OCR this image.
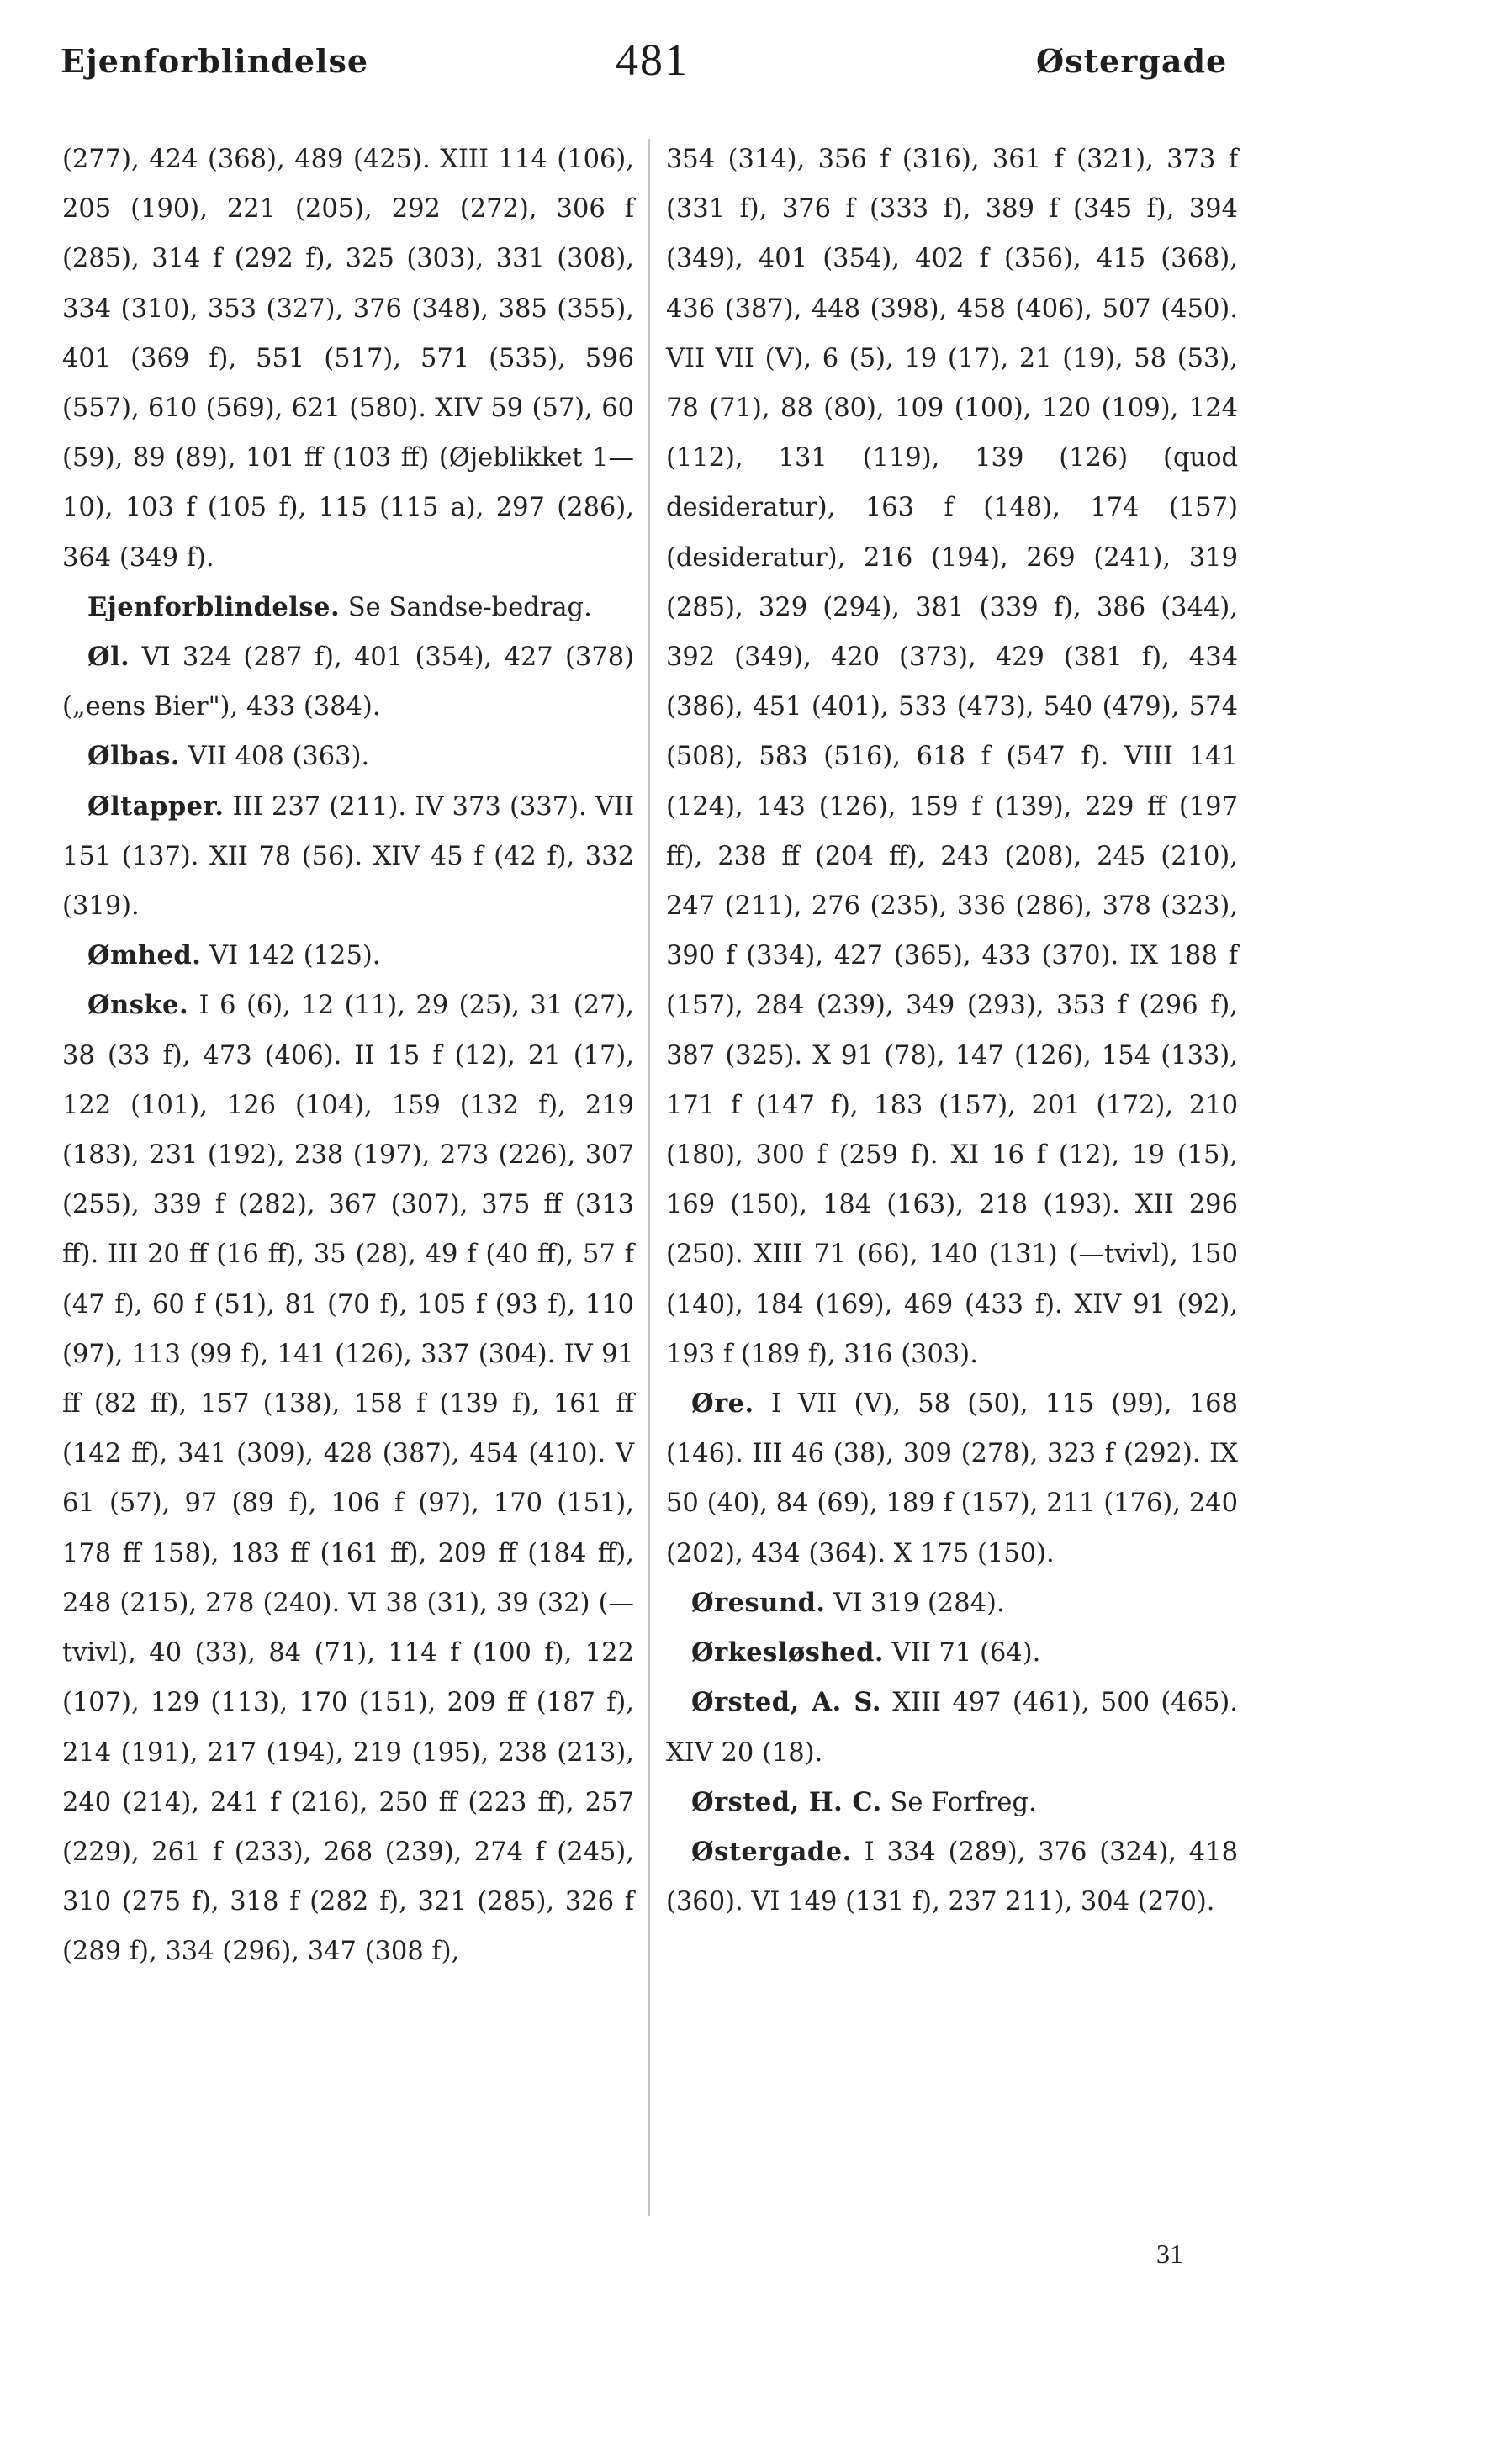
Ejenforblindelse	481	Østergade

(277), 424 (368), 489 (425). XIII 114 (106), 205 (190), 221 (205), 292 (272), 306 f (285), 314 f (292 f), 325 (303), 331 (308), 334 (310), 353 (327), 376 (348), 385 (355), 401 (369 f), 551 (517), 571 (535), 596 (557), 610 (569), 621 (580). XIV 59 (57), 60 (59), 89 (89), 101 ff (103 ff) (Øjeblikket 1—10), 103 f (105 f), 115 (115 a), 297 (286), 364 (349 f).

Ejenforblindelse. Se Sandse-bedrag.

Øl. VI 324 (287 f), 401 (354), 427 (378) („eens Bier"), 433 (384).

Ølbas. VII 408 (363).

Øltapper. III 237 (211). IV 373 (337). VII 151 (137). XII 78 (56). XIV 45 f (42 f), 332 (319).

Ømhed. VI 142 (125).

Ønske. I 6 (6), 12 (11), 29 (25), 31 (27), 38 (33 f), 473 (406). II 15 f (12), 21 (17), 122 (101), 126 (104), 159 (132 f), 219 (183), 231 (192), 238 (197), 273 (226), 307 (255), 339 f (282), 367 (307), 375 ff (313 ff). III 20 ff (16 ff), 35 (28), 49 f (40 ff), 57 f (47 f), 60 f (51), 81 (70 f), 105 f (93 f), 110 (97), 113 (99 f), 141 (126), 337 (304). IV 91 ff (82 ff), 157 (138), 158 f (139 f), 161 ff (142 ff), 341 (309), 428 (387), 454 (410). V 61 (57), 97 (89 f), 106 f (97), 170 (151), 178 ff 158), 183 ff (161 ff), 209 ff (184 ff), 248 (215), 278 (240). VI 38 (31), 39 (32) (—tvivl), 40 (33), 84 (71), 114 f (100 f), 122 (107), 129 (113), 170 (151), 209 ff (187 f), 214 (191), 217 (194), 219 (195), 238 (213), 240 (214), 241 f (216), 250 ff (223 ff), 257 (229), 261 f (233), 268 (239), 274 f (245), 310 (275 f), 318 f (282 f), 321 (285), 326 f (289 f), 334 (296), 347 (308 f),

354 (314), 356 f (316), 361 f (321), 373 f (331 f), 376 f (333 f), 389 f (345 f), 394 (349), 401 (354), 402 f (356), 415 (368), 436 (387), 448 (398), 458 (406), 507 (450). VII VII (V), 6 (5), 19 (17), 21 (19), 58 (53), 78 (71), 88 (80), 109 (100), 120 (109), 124 (112), 131 (119), 139 (126) (quod desideratur), 163 f (148), 174 (157) (desideratur), 216 (194), 269 (241), 319 (285), 329 (294), 381 (339 f), 386 (344), 392 (349), 420 (373), 429 (381 f), 434 (386), 451 (401), 533 (473), 540 (479), 574 (508), 583 (516), 618 f (547 f). VIII 141 (124), 143 (126), 159 f (139), 229 ff (197 ff), 238 ff (204 ff), 243 (208), 245 (210), 247 (211), 276 (235), 336 (286), 378 (323), 390 f (334), 427 (365), 433 (370). IX 188 f (157), 284 (239), 349 (293), 353 f (296 f), 387 (325). X 91 (78), 147 (126), 154 (133), 171 f (147 f), 183 (157), 201 (172), 210 (180), 300 f (259 f). XI 16 f (12), 19 (15), 169 (150), 184 (163), 218 (193). XII 296 (250). XIII 71 (66), 140 (131) (—tvivl), 150 (140), 184 (169), 469 (433 f). XIV 91 (92), 193 f (189 f), 316 (303).

Øre. I VII (V), 58 (50), 115 (99), 168 (146). III 46 (38), 309 (278), 323 f (292). IX 50 (40), 84 (69), 189 f (157), 211 (176), 240 (202), 434 (364). X 175 (150).

Øresund. VI 319 (284).

Ørkesløshed. VII 71 (64).

Ørsted, A. S. XIII 497 (461), 500 (465). XIV 20 (18).

Ørsted, H. C. Se Forfreg.

Østergade. I 334 (289), 376 (324), 418 (360). VI 149 (131 f), 237 211), 304 (270).

31
